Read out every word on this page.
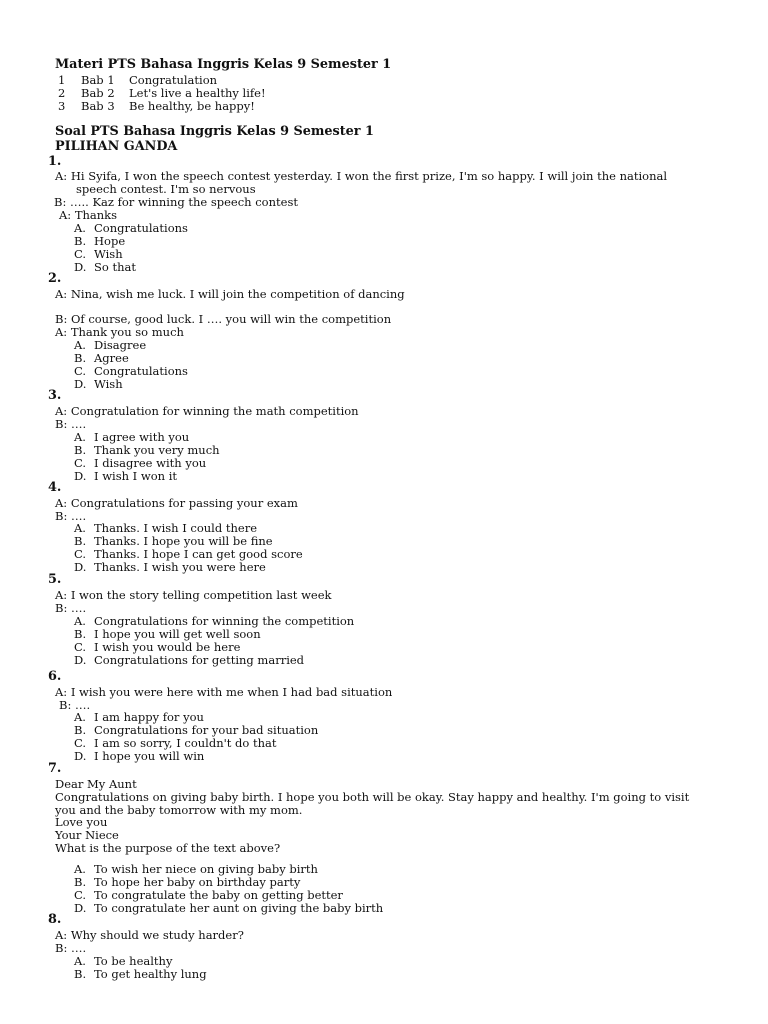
Materi PTS Bahasa Inggris Kelas 9 Semester 1
1 Bab 1 Congratulation
2 Bab 2 Let's live a healthy life!
3 Bab 3 Be healthy, be happy!
Soal PTS Bahasa Inggris Kelas 9 Semester 1
PILIHAN GANDA
1.
A: Hi Syifa, I won the speech contest yesterday. I won the first prize, I'm so happy. I will join the national
speech contest. I'm so nervous
B: ….. Kaz for winning the speech contest
A: Thanks
A. Congratulations
B. Hope
C. Wish
D. So that
2.
A: Nina, wish me luck. I will join the competition of dancing
B: Of course, good luck. I …. you will win the competition
A: Thank you so much
A. Disagree
B. Agree
C. Congratulations
D. Wish
3.
A: Congratulation for winning the math competition
B: ….
A. I agree with you
B. Thank you very much
C. I disagree with you
D. I wish I won it
4.
A: Congratulations for passing your exam
B: ….
A. Thanks. I wish I could there
B. Thanks. I hope you will be fine
C. Thanks. I hope I can get good score
D. Thanks. I wish you were here
5.
A: I won the story telling competition last week
B: ….
A. Congratulations for winning the competition
B. I hope you will get well soon
C. I wish you would be here
D. Congratulations for getting married
6.
A: I wish you were here with me when I had bad situation
B: ….
A. I am happy for you
B. Congratulations for your bad situation
C. I am so sorry, I couldn't do that
D. I hope you will win
7.
Dear My Aunt
Congratulations on giving baby birth. I hope you both will be okay. Stay happy and healthy. I'm going to visit
you and the baby tomorrow with my mom.
Love you
Your Niece
What is the purpose of the text above?
A. To wish her niece on giving baby birth
B. To hope her baby on birthday party
C. To congratulate the baby on getting better
D. To congratulate her aunt on giving the baby birth
8.
A: Why should we study harder?
B: ….
A. To be healthy
B. To get healthy lung
